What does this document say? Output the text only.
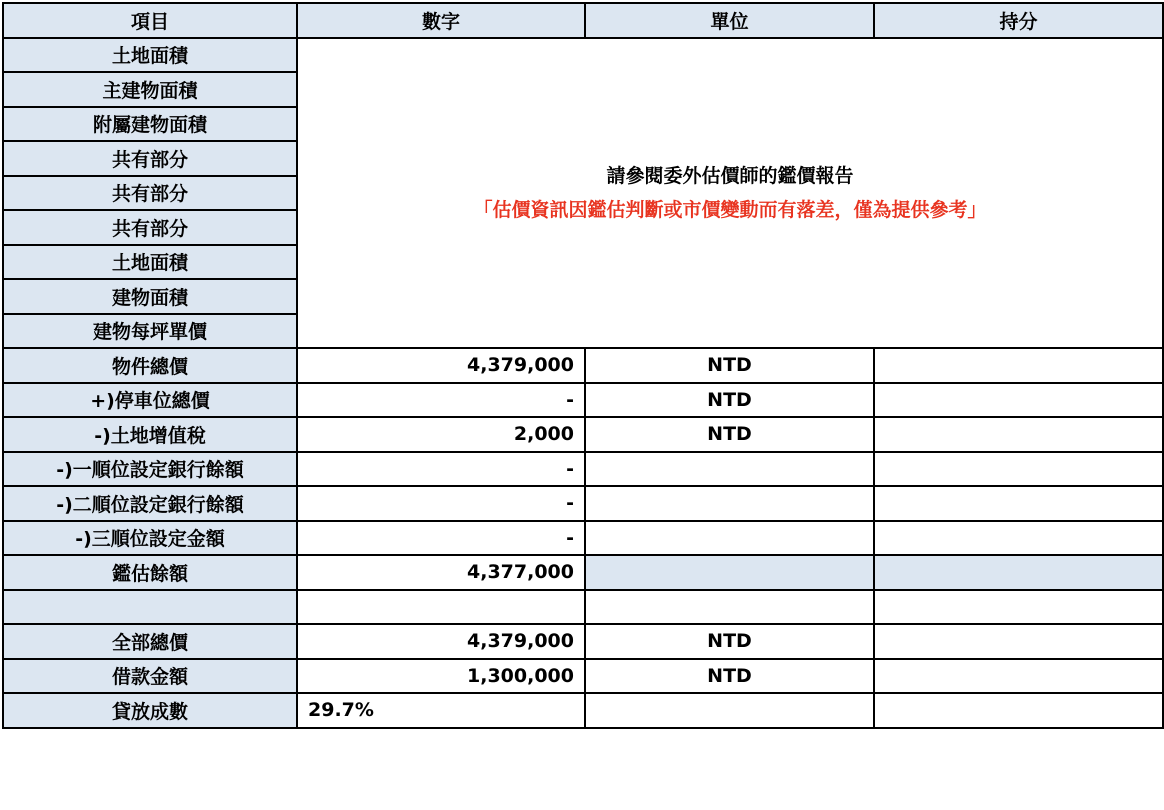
項目	數字	單位	持分
土地面積	請參閱委外估價師的鑑價報告
「估價資訊因鑑估判斷或市價變動而有落差，僅為提供參考」		

主建物面積			
附屬建物面積			
共有部分			
共有部分			
共有部分			
土地面積			
建物面積			
建物每坪單價			
物件總價	4,379,000	NTD	
+)停車位總價	-	NTD	
-)土地增值稅	2,000	NTD	
-)一順位設定銀行餘額	-		
-)二順位設定銀行餘額	-		
-)三順位設定金額	-		
鑑估餘額	4,377,000		

全部總價	4,379,000	NTD	
借款金額	1,300,000	NTD	
貸放成數	29.7%		
